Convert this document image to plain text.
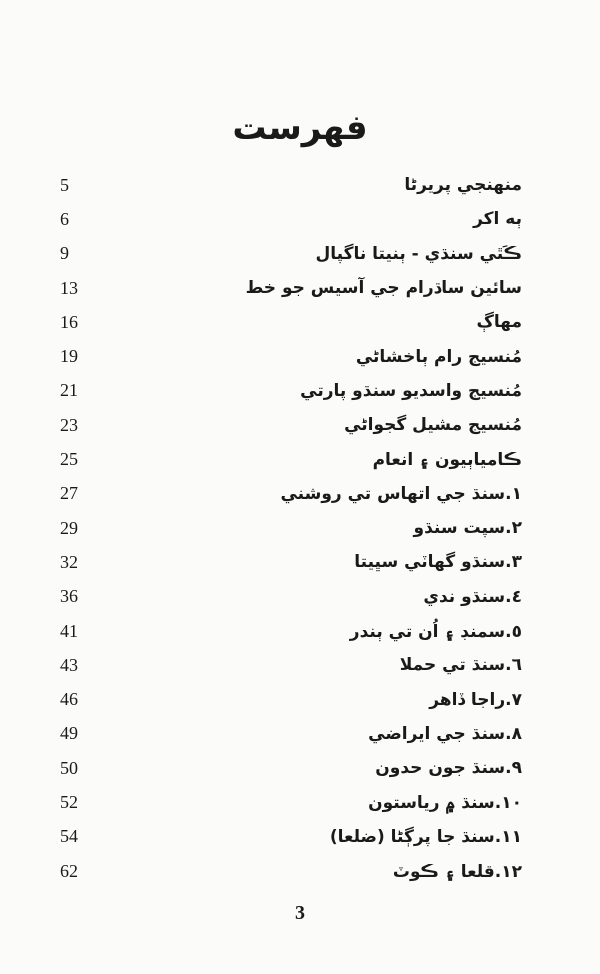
فهرست
5	منهنجي پريرڻا
6	ٻه اکر
9	ڪَٿي سنڌي - ٻنيتا ناگپال
13	سائين ساڌرام جي آسيس جو خط
16	مهاڳ
19	مُنسيج رام ٻاخشاڻي
21	مُنسيج واسديو سنڌو پارتي
23	مُنسيج مشيل گجواڻي
25	ڪامياٻيون ۽ انعام
27	١.سنڌ جي اتهاس تي روشني
29	٢.سپت سنڌو
32	٣.سنڌو گهاٽي سڀيتا
36	٤.سنڌو ندي
41	٥.سمنڊ ۽ اُن تي ٻندر
43	٦.سنڌ تي حملا
46	٧.راجا ڏاهر
49	٨.سنڌ جي ايراضي
50	٩.سنڌ جون حدون
52	١٠.سنڌ ۾ رياستون
54	١١.سنڌ جا پرڳڻا (ضلعا)
62	١٢.قلعا ۽ ڪوٽ
3
